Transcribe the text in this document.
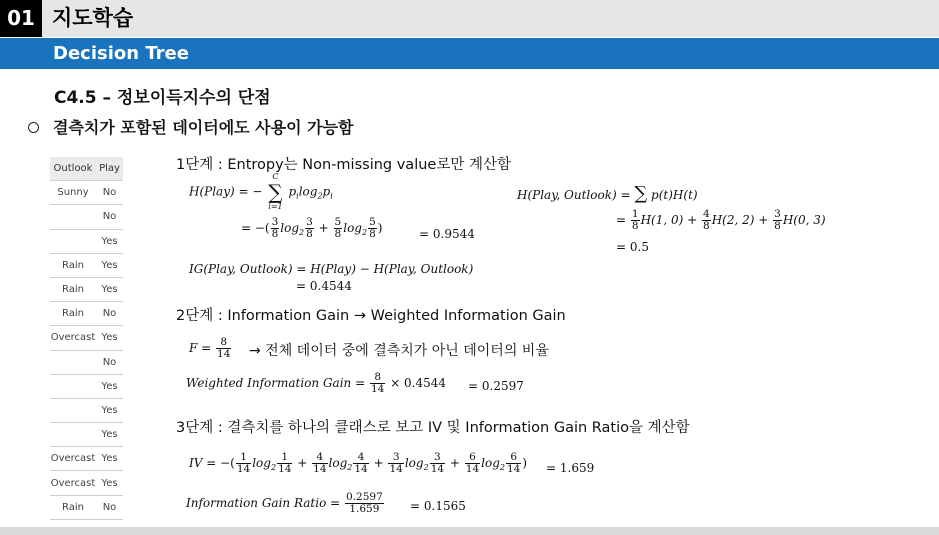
01 지도학습
Decision Tree
C4.5 – 정보이득지수의 단점
결측치가 포함된 데이터에도 사용이 가능함
Outlook	Play
Sunny	No
	No
	Yes
Rain	Yes
Rain	Yes
Rain	No
Overcast	Yes
	No
	Yes
	Yes
	Yes
Overcast	Yes
Overcast	Yes
Rain	No
1단계 : Entropy는 Non-missing value로만 계산함
H(Play) = −
C
∑
i=1
$p_i\log_2p_i$
= −( $\frac{3}{8} \log_2 \frac{3}{8} + \frac{5}{8} \log_2 \frac{5}{8}$ )	= 0.9544
H(Play, Outlook) = ∑ p(t)H(t)
= $\frac{1}{8} H(1$, $0) + \frac{4}{8} H(2$, $2) + \frac{3}{8} H(0$, 3)
= 0.5
IG(Play, Outlook) = H(Play) − H(Play, Outlook)
= 0.4544
2단계 : Information Gain → Weighted Information Gain
$F = \frac{8}{14}$ → 전체 데이터 중에 결측치가 아닌 데이터의 비율
Weighted Information Gain = $\frac{8}{14} \times 0.4544 = 0.2597$
3단계 : 결측치를 하나의 클래스로 보고 IV 및 Information Gain Ratio을 계산함
IV = −( $\frac{1}{14} \log_2 \frac{1}{14} + \frac{4}{14} \log_2 \frac{4}{14} + \frac{3}{14} \log_2 \frac{3}{14} + \frac{6}{14} \log_2 \frac{6}{14}$ ) = 1.659
Information Gain Ratio = $\frac{0.2597}{1.659} = 0.1565$
